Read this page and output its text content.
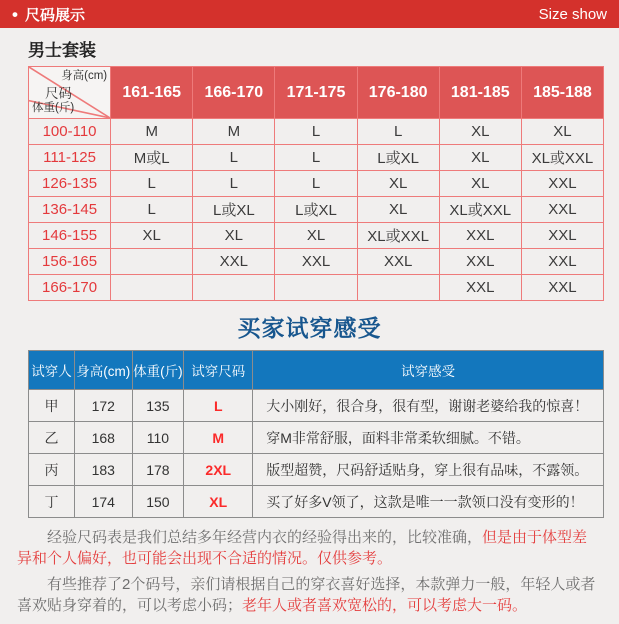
• 尺码展示	Size show
男士套装
身高(cm)
尺码
体重(斤)	161-165	166-170	171-175	176-180	181-185	185-188
100-110	M	M	L	L	XL	XL
111-125	M或L	L	L	L或XL	XL	XL或XXL
126-135	L	L	L	XL	XL	XXL
136-145	L	L或XL	L或XL	XL	XL或XXL	XXL
146-155	XL	XL	XL	XL或XXL	XXL	XXL
156-165		XXL	XXL	XXL	XXL	XXL
166-170					XXL	XXL
买家试穿感受
试穿人	身高(cm)	体重(斤)	试穿尺码	试穿感受
甲	172	135	L	大小刚好，很合身，很有型，谢谢老婆给我的惊喜！
乙	168	110	M	穿M非常舒服，面料非常柔软细腻。不错。
丙	183	178	2XL	版型超赞，尺码舒适贴身，穿上很有品味，不露领。
丁	174	150	XL	买了好多V领了，这款是唯一一款领口没有变形的！

经验尺码表是我们总结多年经营内衣的经验得出来的，比较准确，但是由于体型差异和个人偏好，也可能会出现不合适的情况。仅供参考。

有些推荐了2个码号，亲们请根据自己的穿衣喜好选择，本款弹力一般，年轻人或者喜欢贴身穿着的，可以考虑小码；老年人或者喜欢宽松的，可以考虑大一码。
